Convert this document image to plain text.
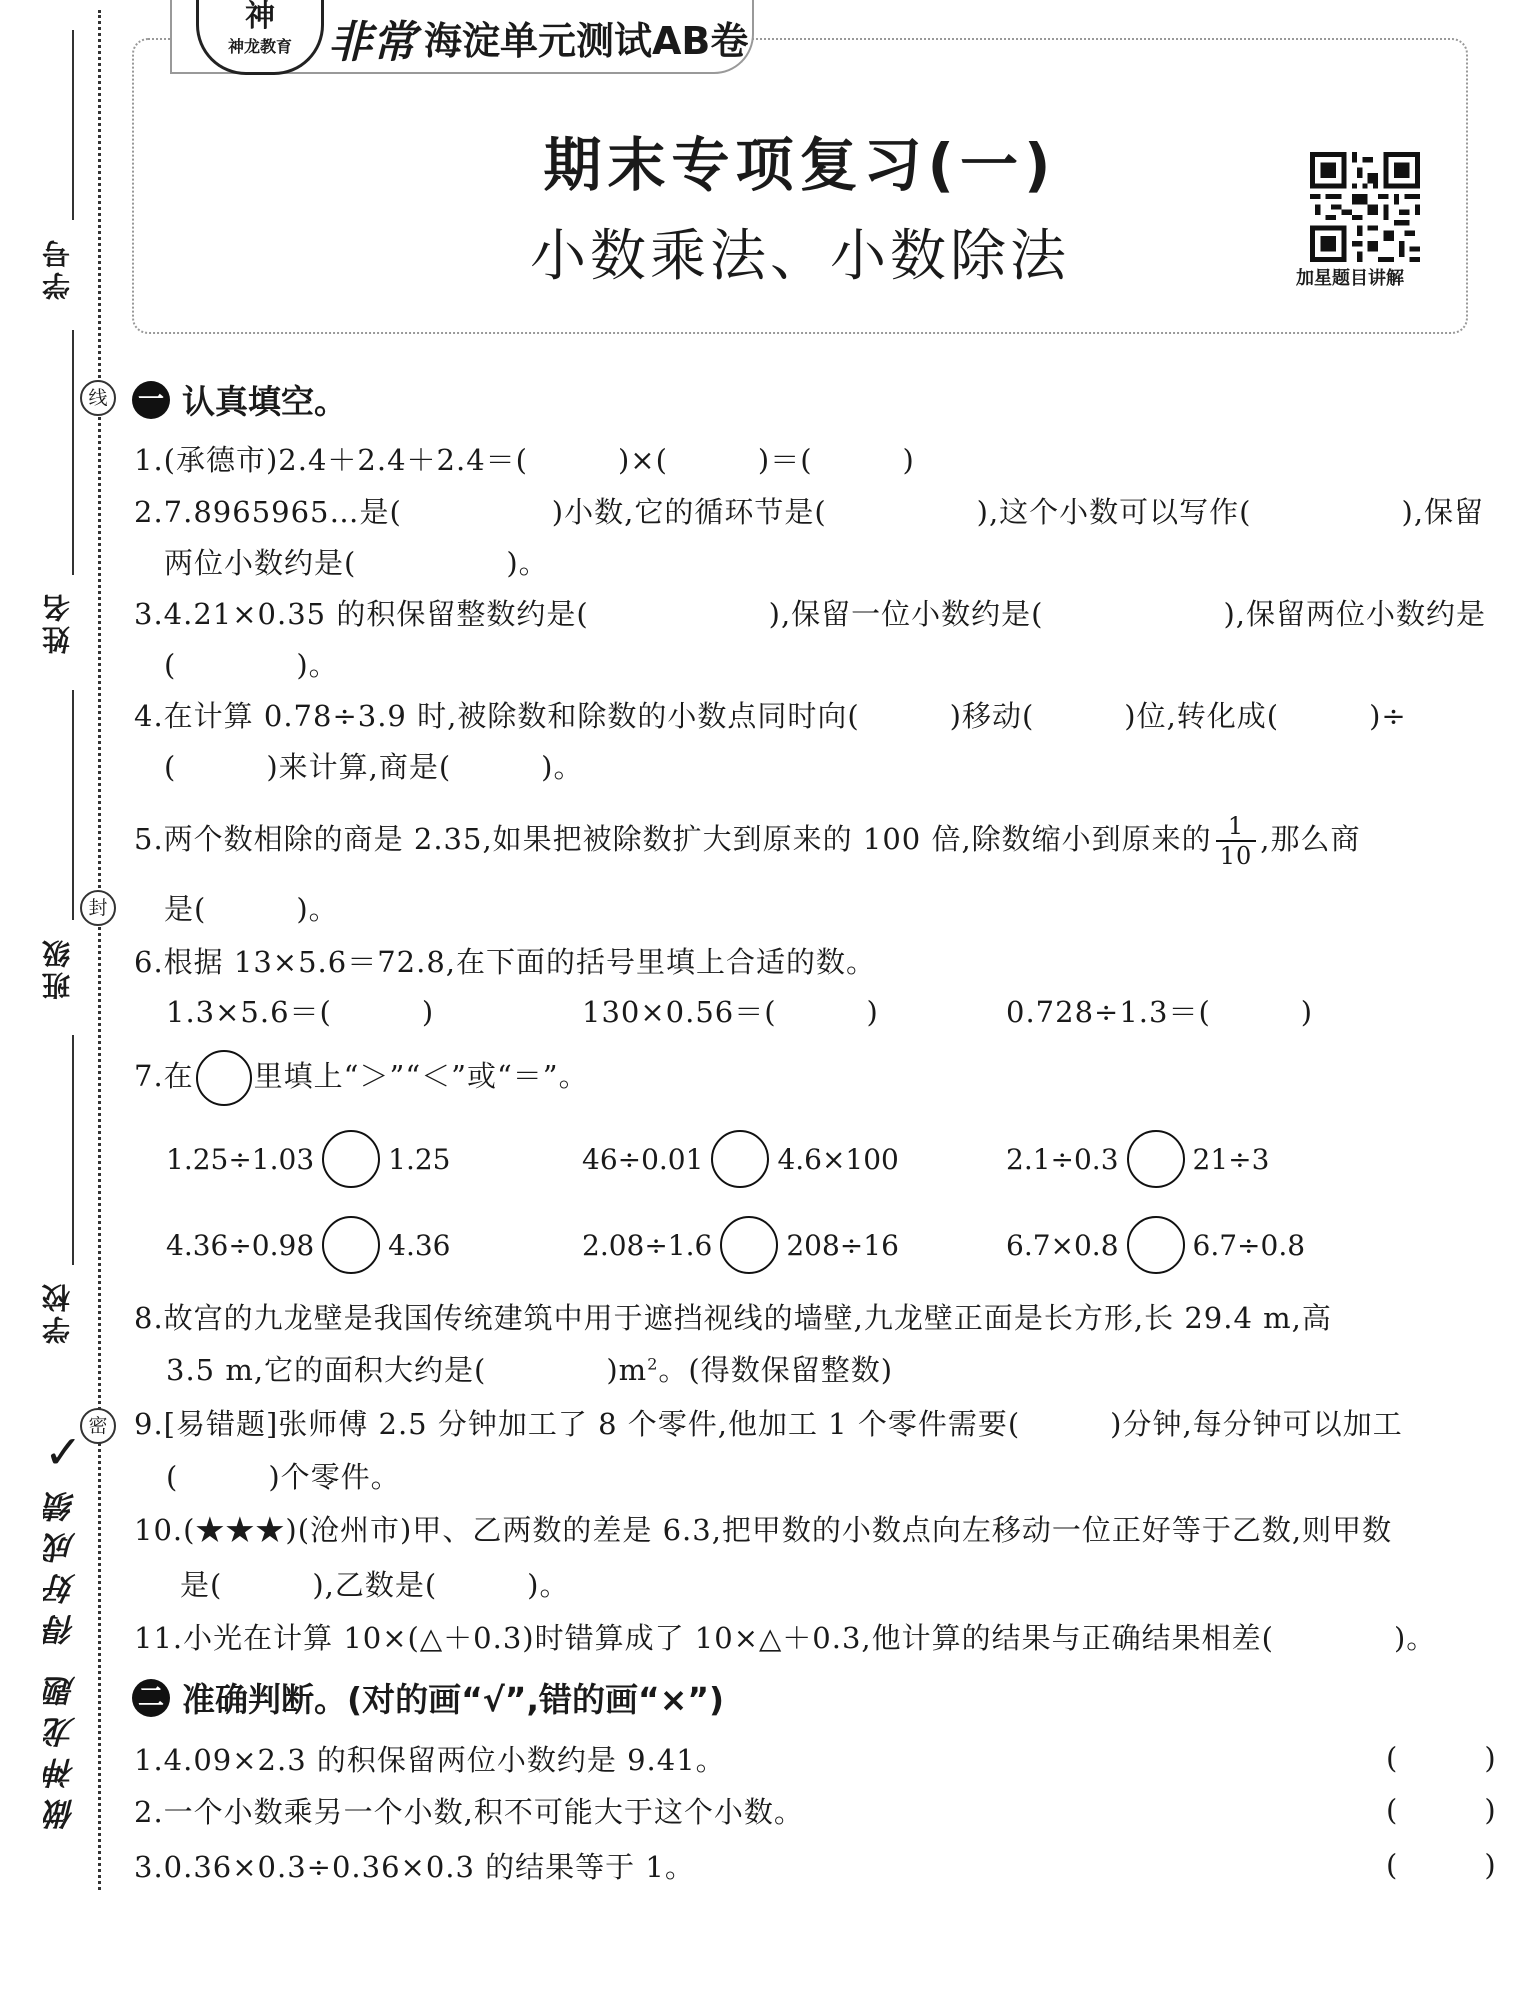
学号
姓名
班级
学校
线
封
密
✓
做神龙题 得好成绩
神
神龙教育 非常 海淀单元测试AB卷
期末专项复习(一)
小数乘法、小数除法	加星题目讲解
一 认真填空。
1.(承德市)2.4＋2.4＋2.4＝(　　　)×(　　　)＝(　　　)
2.7.8965965…是(　　　　　)小数,它的循环节是(　　　　　),这个小数可以写作(　　　　　),保留
两位小数约是(　　　　　)。
3.4.21×0.35 的积保留整数约是(　　　　　　),保留一位小数约是(　　　　　　),保留两位小数约是
(　　　　)。
4.在计算 0.78÷3.9 时,被除数和除数的小数点同时向(　　　)移动(　　　)位,转化成(　　　)÷
(　　　)来计算,商是(　　　)。
5.两个数相除的商是 2.35,如果把被除数扩大到原来的 100 倍,除数缩小到原来的 $\frac{1}{10}$ ,那么商
是(　　　)。
6.根据 13×5.6＝72.8,在下面的括号里填上合适的数。
1.3×5.6＝(　　　)	130×0.56＝(　　　)	0.728÷1.3＝(　　　)
7.在 里填上“＞”“＜”或“＝”。
1.25÷1.03	1.25	46÷0.01	4.6×100	2.1÷0.3	21÷3
4.36÷0.98	4.36	2.08÷1.6	208÷16	6.7×0.8	6.7÷0.8
8.故宫的九龙壁是我国传统建筑中用于遮挡视线的墙壁,九龙壁正面是长方形,长 29.4 m,高
3.5 m,它的面积大约是(　　　　)$m^2$。(得数保留整数)
9.[易错题]张师傅 2.5 分钟加工了 8 个零件,他加工 1 个零件需要(　　　)分钟,每分钟可以加工
(　　　)个零件。
10.(★★★)(沧州市)甲、乙两数的差是 6.3,把甲数的小数点向左移动一位正好等于乙数,则甲数
是(　　　),乙数是(　　　)。
11.小光在计算 10×(△＋0.3)时错算成了 10×△＋0.3,他计算的结果与正确结果相差(　　　　)。
二 准确判断。(对的画“√”,错的画“×”)
1.4.09×2.3 的积保留两位小数约是 9.41。	(　　　)
2.一个小数乘另一个小数,积不可能大于这个小数。	(　　　)
3.0.36×0.3÷0.36×0.3 的结果等于 1。	(　　　)
